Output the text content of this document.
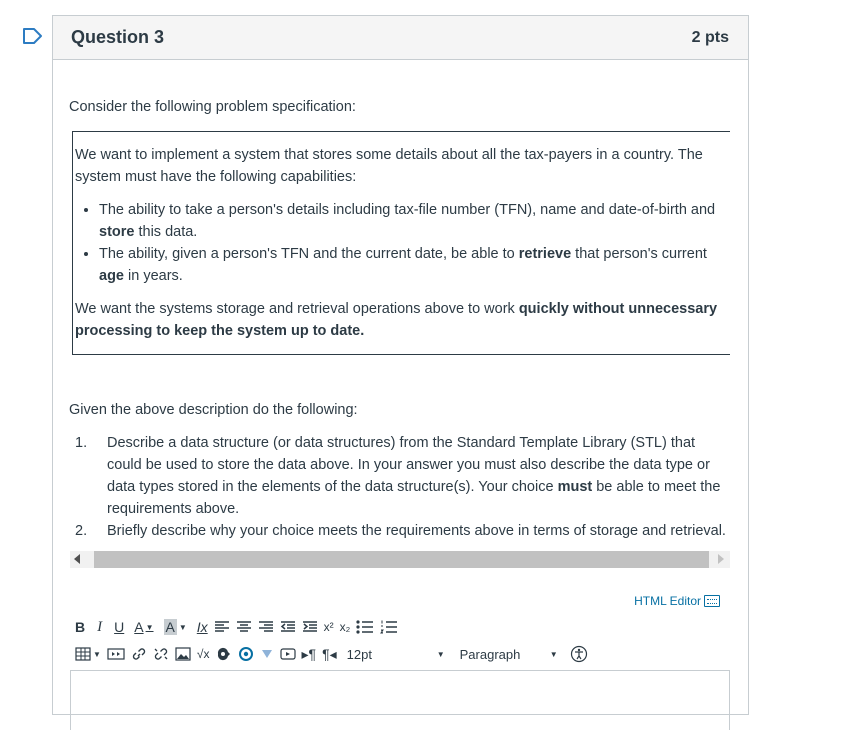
Question 3	2 pts
Consider the following problem specification:

We want to implement a system that stores some details about all the tax-payers in a country. The system must have the following capabilities:

• The ability to take a person's details including tax-file number (TFN), name and date-of-birth and store this data.
• The ability, given a person's TFN and the current date, be able to retrieve that person's current age in years.

We want the systems storage and retrieval operations above to work quickly without unnecessary processing to keep the system up to date.

Given the above description do the following:
1.	Describe a data structure (or data structures) from the Standard Template Library (STL) that could be used to store the data above. In your answer you must also describe the data type or data types stored in the elements of the data structure(s). Your choice must be able to meet the requirements above.
2.	Briefly describe why your choice meets the requirements above in terms of storage and retrieval.
HTML Editor
B I U A ▼ A ▼ Ix	x² x₂
▼	√x	▸ ¶ ¶ ◂ 12pt	▼ Paragraph	▼
